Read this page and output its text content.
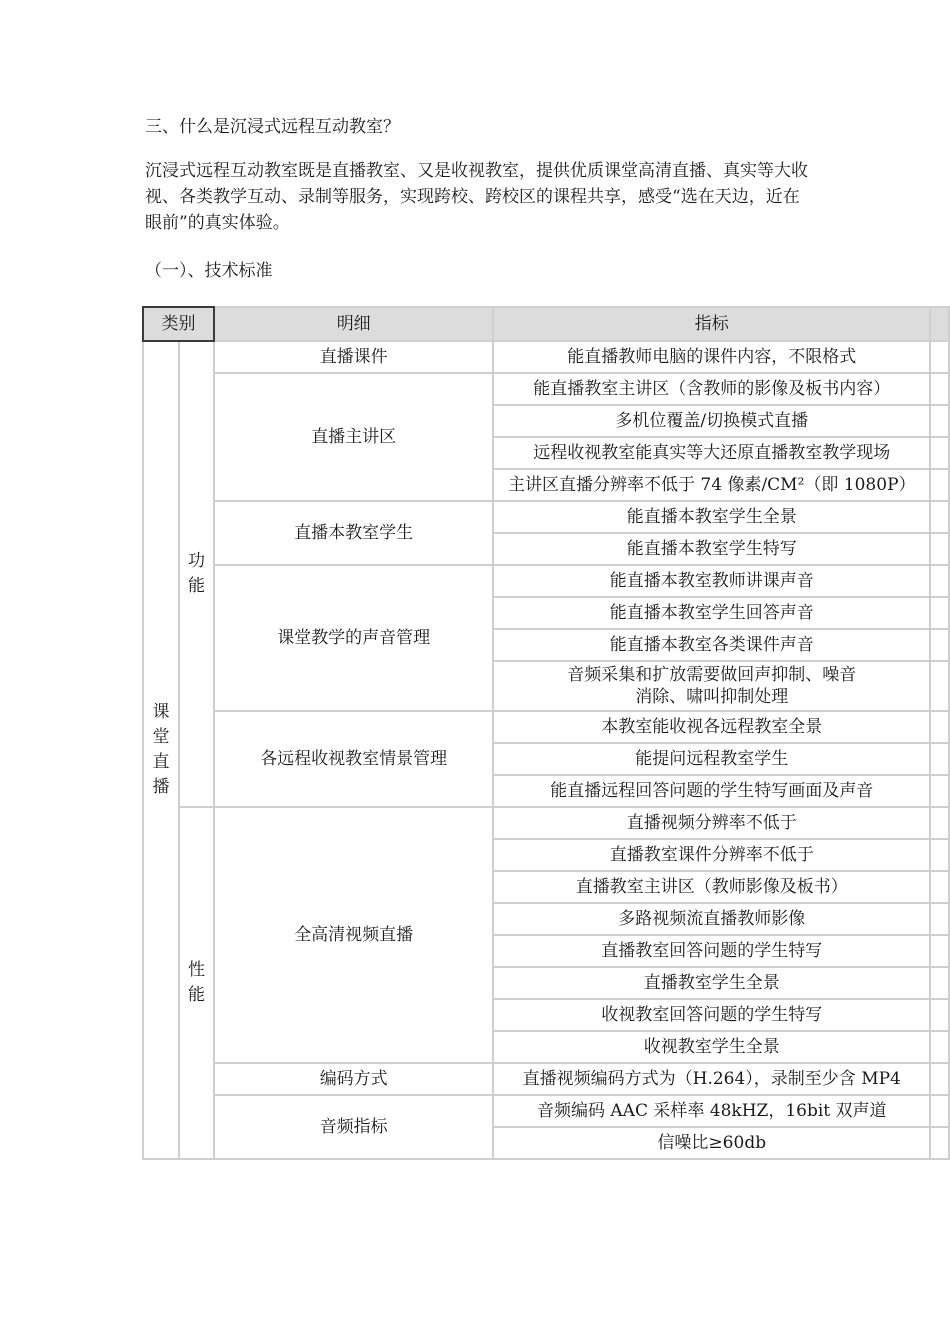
三、什么是沉浸式远程互动教室？

沉浸式远程互动教室既是直播教室、又是收视教室，提供优质课堂高清直播、真实等大收视、各类教学互动、录制等服务，实现跨校、跨校区的课程共享，感受“选在天边，近在眼前”的真实体验。

（一）、技术标准

类别		明细	指标	
课堂直播	功能	直播课件	能直播教师电脑的课件内容，不限格式	
		直播主讲区	能直播教室主讲区（含教师的影像及板书内容）	
			多机位覆盖/切换模式直播	
			远程收视教室能真实等大还原直播教室教学现场	
			主讲区直播分辨率不低于 74 像素/CM²（即 1080P）	
		直播本教室学生	能直播本教室学生全景	
			能直播本教室学生特写	
		课堂教学的声音管理	能直播本教室教师讲课声音	
			能直播本教室学生回答声音	
			能直播本教室各类课件声音	
			音频采集和扩放需要做回声抑制、噪音消除、啸叫抑制处理	
		各远程收视教室情景管理	本教室能收视各远程教室全景	
			能提问远程教室学生	
			能直播远程回答问题的学生特写画面及声音	
	性能	全高清视频直播	直播视频分辨率不低于	
			直播教室课件分辨率不低于	
			直播教室主讲区（教师影像及板书）	
			多路视频流直播教师影像	
			直播教室回答问题的学生特写	
			直播教室学生全景	
			收视教室回答问题的学生特写	
			收视教室学生全景	
		编码方式	直播视频编码方式为（H.264），录制至少含 MP4	
		音频指标	音频编码 AAC 采样率 48kHZ，16bit 双声道	
			信噪比≥60db	
